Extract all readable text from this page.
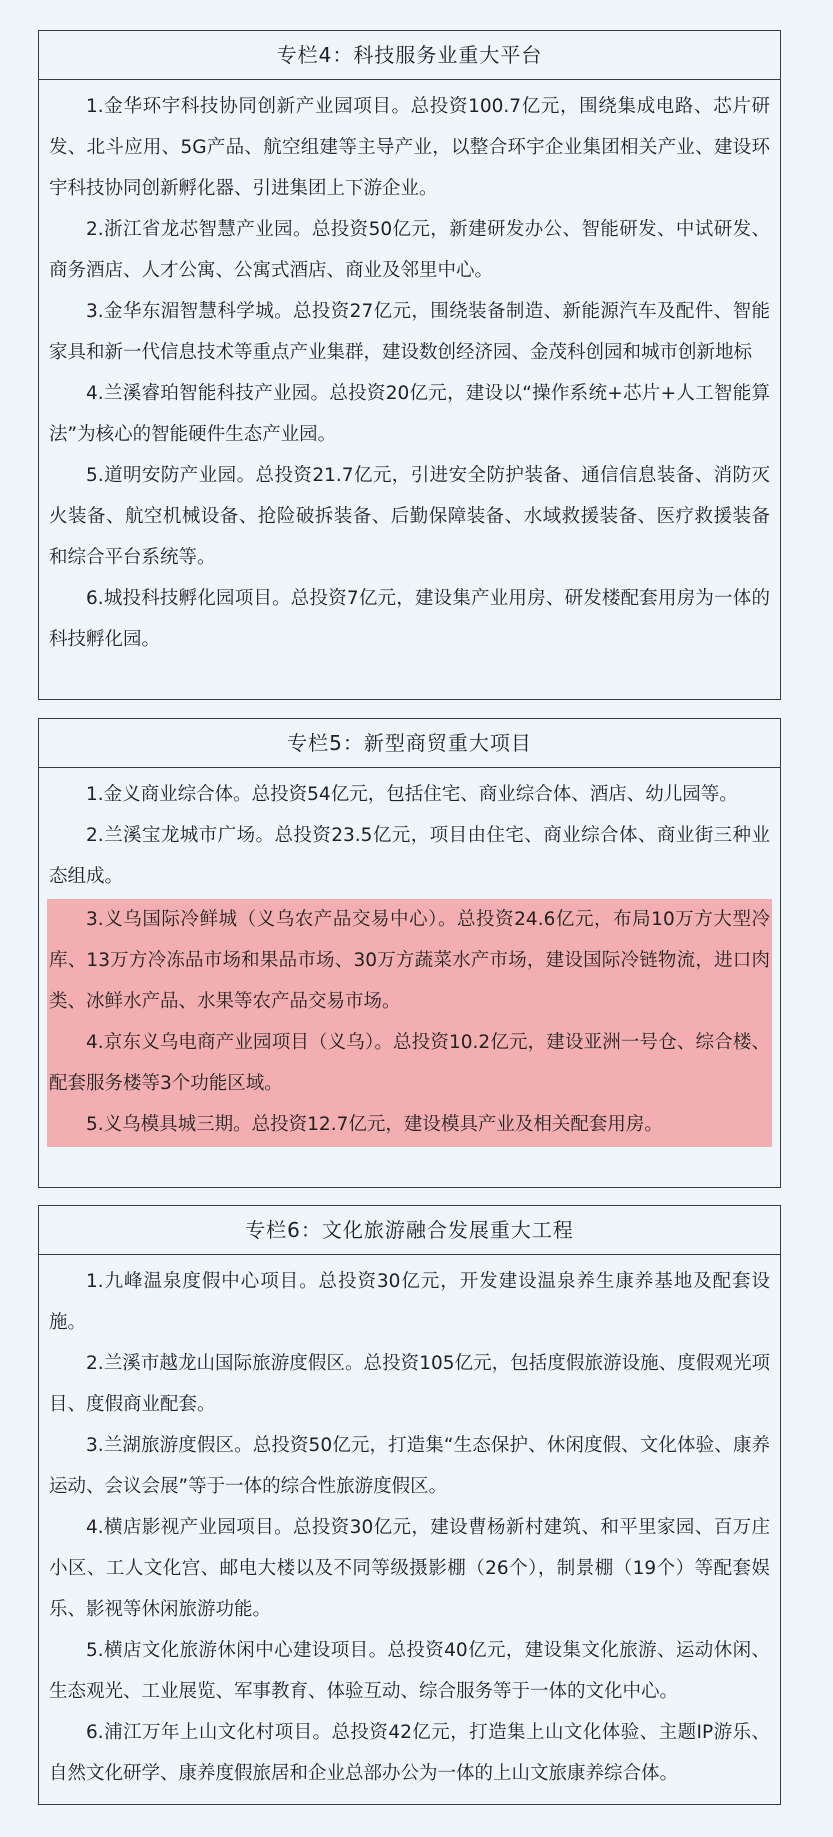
专栏4：科技服务业重大平台

1.金华环宇科技协同创新产业园项目。总投资100.7亿元，围绕集成电路、芯片研发、北斗应用、5G产品、航空组建等主导产业，以整合环宇企业集团相关产业、建设环宇科技协同创新孵化器、引进集团上下游企业。

2.浙江省龙芯智慧产业园。总投资50亿元，新建研发办公、智能研发、中试研发、商务酒店、人才公寓、公寓式酒店、商业及邻里中心。

3.金华东湄智慧科学城。总投资27亿元，围绕装备制造、新能源汽车及配件、智能家具和新一代信息技术等重点产业集群，建设数创经济园、金茂科创园和城市创新地标

4.兰溪睿珀智能科技产业园。总投资20亿元，建设以“操作系统+芯片+人工智能算法”为核心的智能硬件生态产业园。

5.道明安防产业园。总投资21.7亿元，引进安全防护装备、通信信息装备、消防灭火装备、航空机械设备、抢险破拆装备、后勤保障装备、水域救援装备、医疗救援装备和综合平台系统等。

6.城投科技孵化园项目。总投资7亿元，建设集产业用房、研发楼配套用房为一体的科技孵化园。

专栏5：新型商贸重大项目

1.金义商业综合体。总投资54亿元，包括住宅、商业综合体、酒店、幼儿园等。

2.兰溪宝龙城市广场。总投资23.5亿元，项目由住宅、商业综合体、商业街三种业态组成。

3.义乌国际冷鲜城（义乌农产品交易中心）。总投资24.6亿元，布局10万方大型冷库、13万方冷冻品市场和果品市场、30万方蔬菜水产市场，建设国际冷链物流，进口肉类、冰鲜水产品、水果等农产品交易市场。

4.京东义乌电商产业园项目（义乌）。总投资10.2亿元，建设亚洲一号仓、综合楼、配套服务楼等3个功能区域。

5.义乌模具城三期。总投资12.7亿元，建设模具产业及相关配套用房。

专栏6：文化旅游融合发展重大工程

1.九峰温泉度假中心项目。总投资30亿元，开发建设温泉养生康养基地及配套设施。

2.兰溪市越龙山国际旅游度假区。总投资105亿元，包括度假旅游设施、度假观光项目、度假商业配套。

3.兰湖旅游度假区。总投资50亿元，打造集“生态保护、休闲度假、文化体验、康养运动、会议会展”等于一体的综合性旅游度假区。

4.横店影视产业园项目。总投资30亿元，建设曹杨新村建筑、和平里家园、百万庄小区、工人文化宫、邮电大楼以及不同等级摄影棚（26个），制景棚（19个）等配套娱乐、影视等休闲旅游功能。

5.横店文化旅游休闲中心建设项目。总投资40亿元，建设集文化旅游、运动休闲、生态观光、工业展览、军事教育、体验互动、综合服务等于一体的文化中心。

6.浦江万年上山文化村项目。总投资42亿元，打造集上山文化体验、主题IP游乐、自然文化研学、康养度假旅居和企业总部办公为一体的上山文旅康养综合体。
